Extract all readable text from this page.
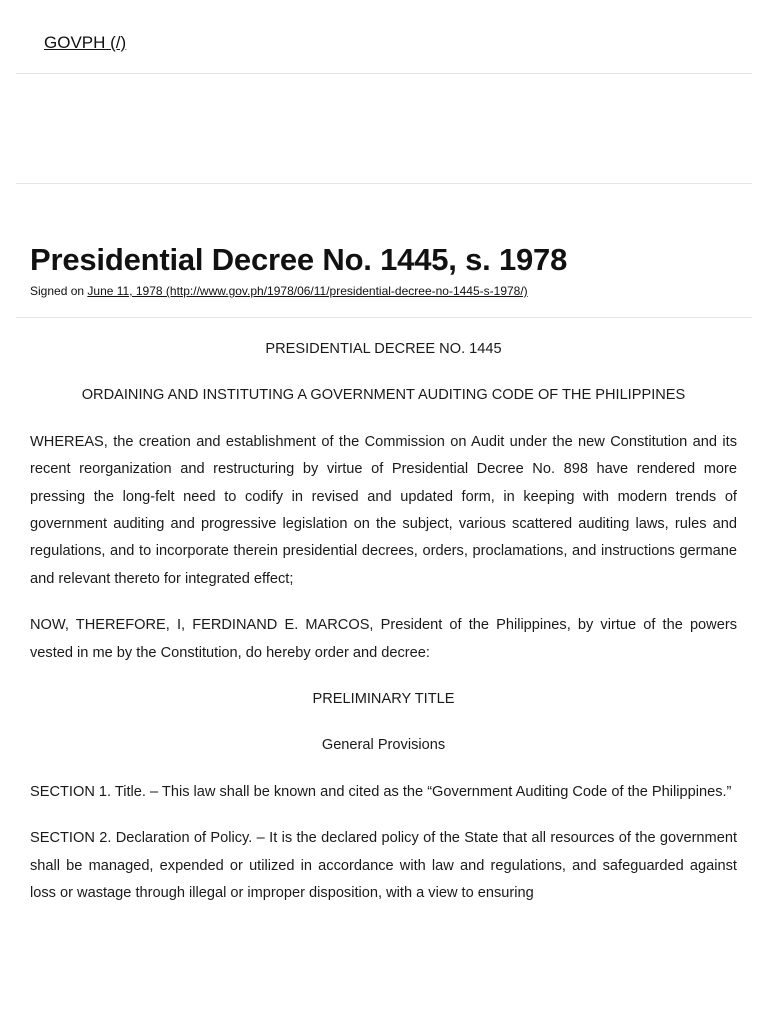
GOVPH (/)
Presidential Decree No. 1445, s. 1978
Signed on June 11, 1978 (http://www.gov.ph/1978/06/11/presidential-decree-no-1445-s-1978/)

PRESIDENTIAL DECREE NO. 1445

ORDAINING AND INSTITUTING A GOVERNMENT AUDITING CODE OF THE PHILIPPINES

WHEREAS, the creation and establishment of the Commission on Audit under the new Constitution and its recent reorganization and restructuring by virtue of Presidential Decree No. 898 have rendered more pressing the long-felt need to codify in revised and updated form, in keeping with modern trends of government auditing and progressive legislation on the subject, various scattered auditing laws, rules and regulations, and to incorporate therein presidential decrees, orders, proclamations, and instructions germane and relevant thereto for integrated effect;

NOW, THEREFORE, I, FERDINAND E. MARCOS, President of the Philippines, by virtue of the powers vested in me by the Constitution, do hereby order and decree:

PRELIMINARY TITLE

General Provisions

SECTION 1. Title. – This law shall be known and cited as the “Government Auditing Code of the Philippines.”

SECTION 2. Declaration of Policy. – It is the declared policy of the State that all resources of the government shall be managed, expended or utilized in accordance with law and regulations, and safeguarded against loss or wastage through illegal or improper disposition, with a view to ensuring
